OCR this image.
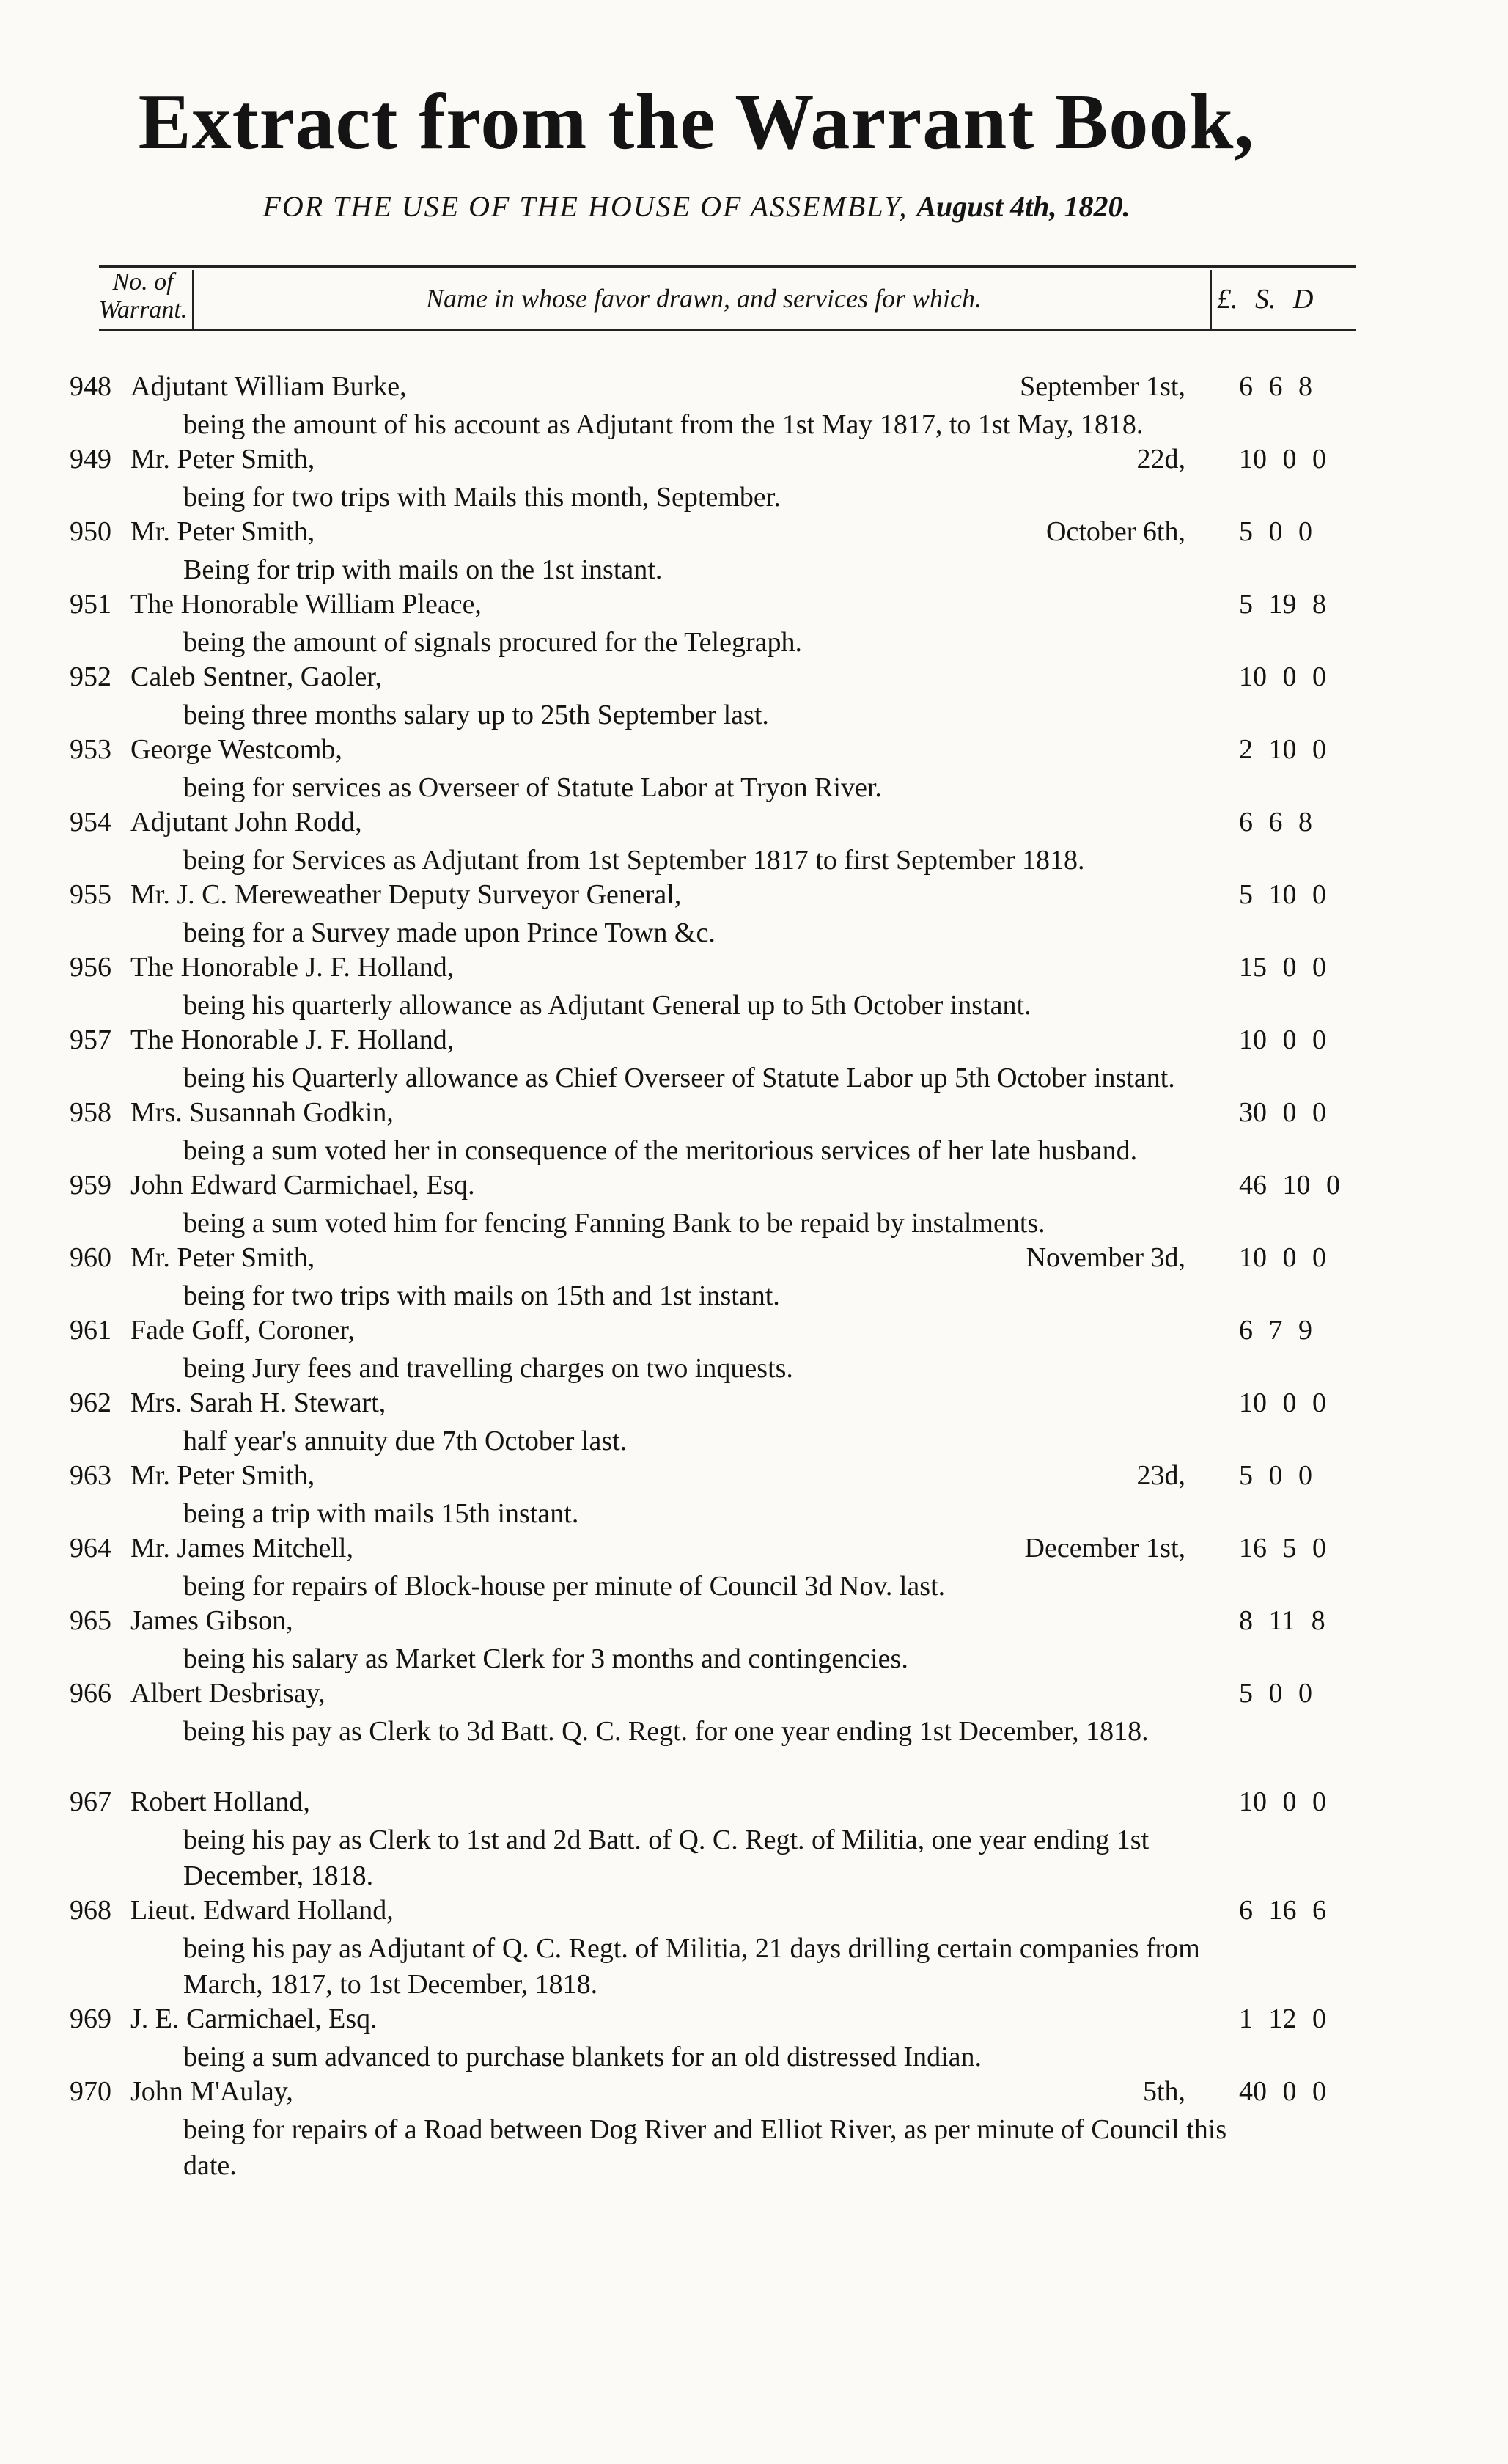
Extract from the Warrant Book,
FOR THE USE OF THE HOUSE OF ASSEMBLY, August 4th, 1820.
No. of Warrant.	Name in whose favor drawn, and services for which.	£. S. D
948 Adjutant William Burke,	September 1st, 6 6 8
being the amount of his account as Adjutant from the 1st May 1817, to 1st May, 1818.
949 Mr. Peter Smith,	22d, 10 0 0
being for two trips with Mails this month, September.
950 Mr. Peter Smith,	October 6th, 5 0 0
Being for trip with mails on the 1st instant.
951 The Honorable William Pleace,	5 19 8
being the amount of signals procured for the Telegraph.
952 Caleb Sentner, Gaoler,	10 0 0
being three months salary up to 25th September last.
953 George Westcomb,	2 10 0
being for services as Overseer of Statute Labor at Tryon River.
954 Adjutant John Rodd,	6 6 8
being for Services as Adjutant from 1st September 1817 to first September 1818.
955 Mr. J. C. Mereweather Deputy Surveyor General,	5 10 0
being for a Survey made upon Prince Town &c.
956 The Honorable J. F. Holland,	15 0 0
being his quarterly allowance as Adjutant General up to 5th October instant.
957 The Honorable J. F. Holland,	10 0 0
being his Quarterly allowance as Chief Overseer of Statute Labor up 5th October instant.
958 Mrs. Susannah Godkin,	30 0 0
being a sum voted her in consequence of the meritorious services of her late husband.
959 John Edward Carmichael, Esq.	46 10 0
being a sum voted him for fencing Fanning Bank to be repaid by instalments.
960 Mr. Peter Smith,	November 3d, 10 0 0
being for two trips with mails on 15th and 1st instant.
961 Fade Goff, Coroner,	6 7 9
being Jury fees and travelling charges on two inquests.
962 Mrs. Sarah H. Stewart,	10 0 0
half year's annuity due 7th October last.
963 Mr. Peter Smith,	23d, 5 0 0
being a trip with mails 15th instant.
964 Mr. James Mitchell,	December 1st, 16 5 0
being for repairs of Block-house per minute of Council 3d Nov. last.
965 James Gibson,	8 11 8
being his salary as Market Clerk for 3 months and contingencies.
966 Albert Desbrisay,	5 0 0
being his pay as Clerk to 3d Batt. Q. C. Regt. for one year ending 1st December, 1818.
967 Robert Holland,	10 0 0
being his pay as Clerk to 1st and 2d Batt. of Q. C. Regt. of Militia, one year ending 1st December, 1818.
968 Lieut. Edward Holland,	6 16 6
being his pay as Adjutant of Q. C. Regt. of Militia, 21 days drilling certain companies from March, 1817, to 1st December, 1818.
969 J. E. Carmichael, Esq.	1 12 0
being a sum advanced to purchase blankets for an old distressed Indian.
970 John M'Aulay,	5th, 40 0 0
being for repairs of a Road between Dog River and Elliot River, as per minute of Council this date.
